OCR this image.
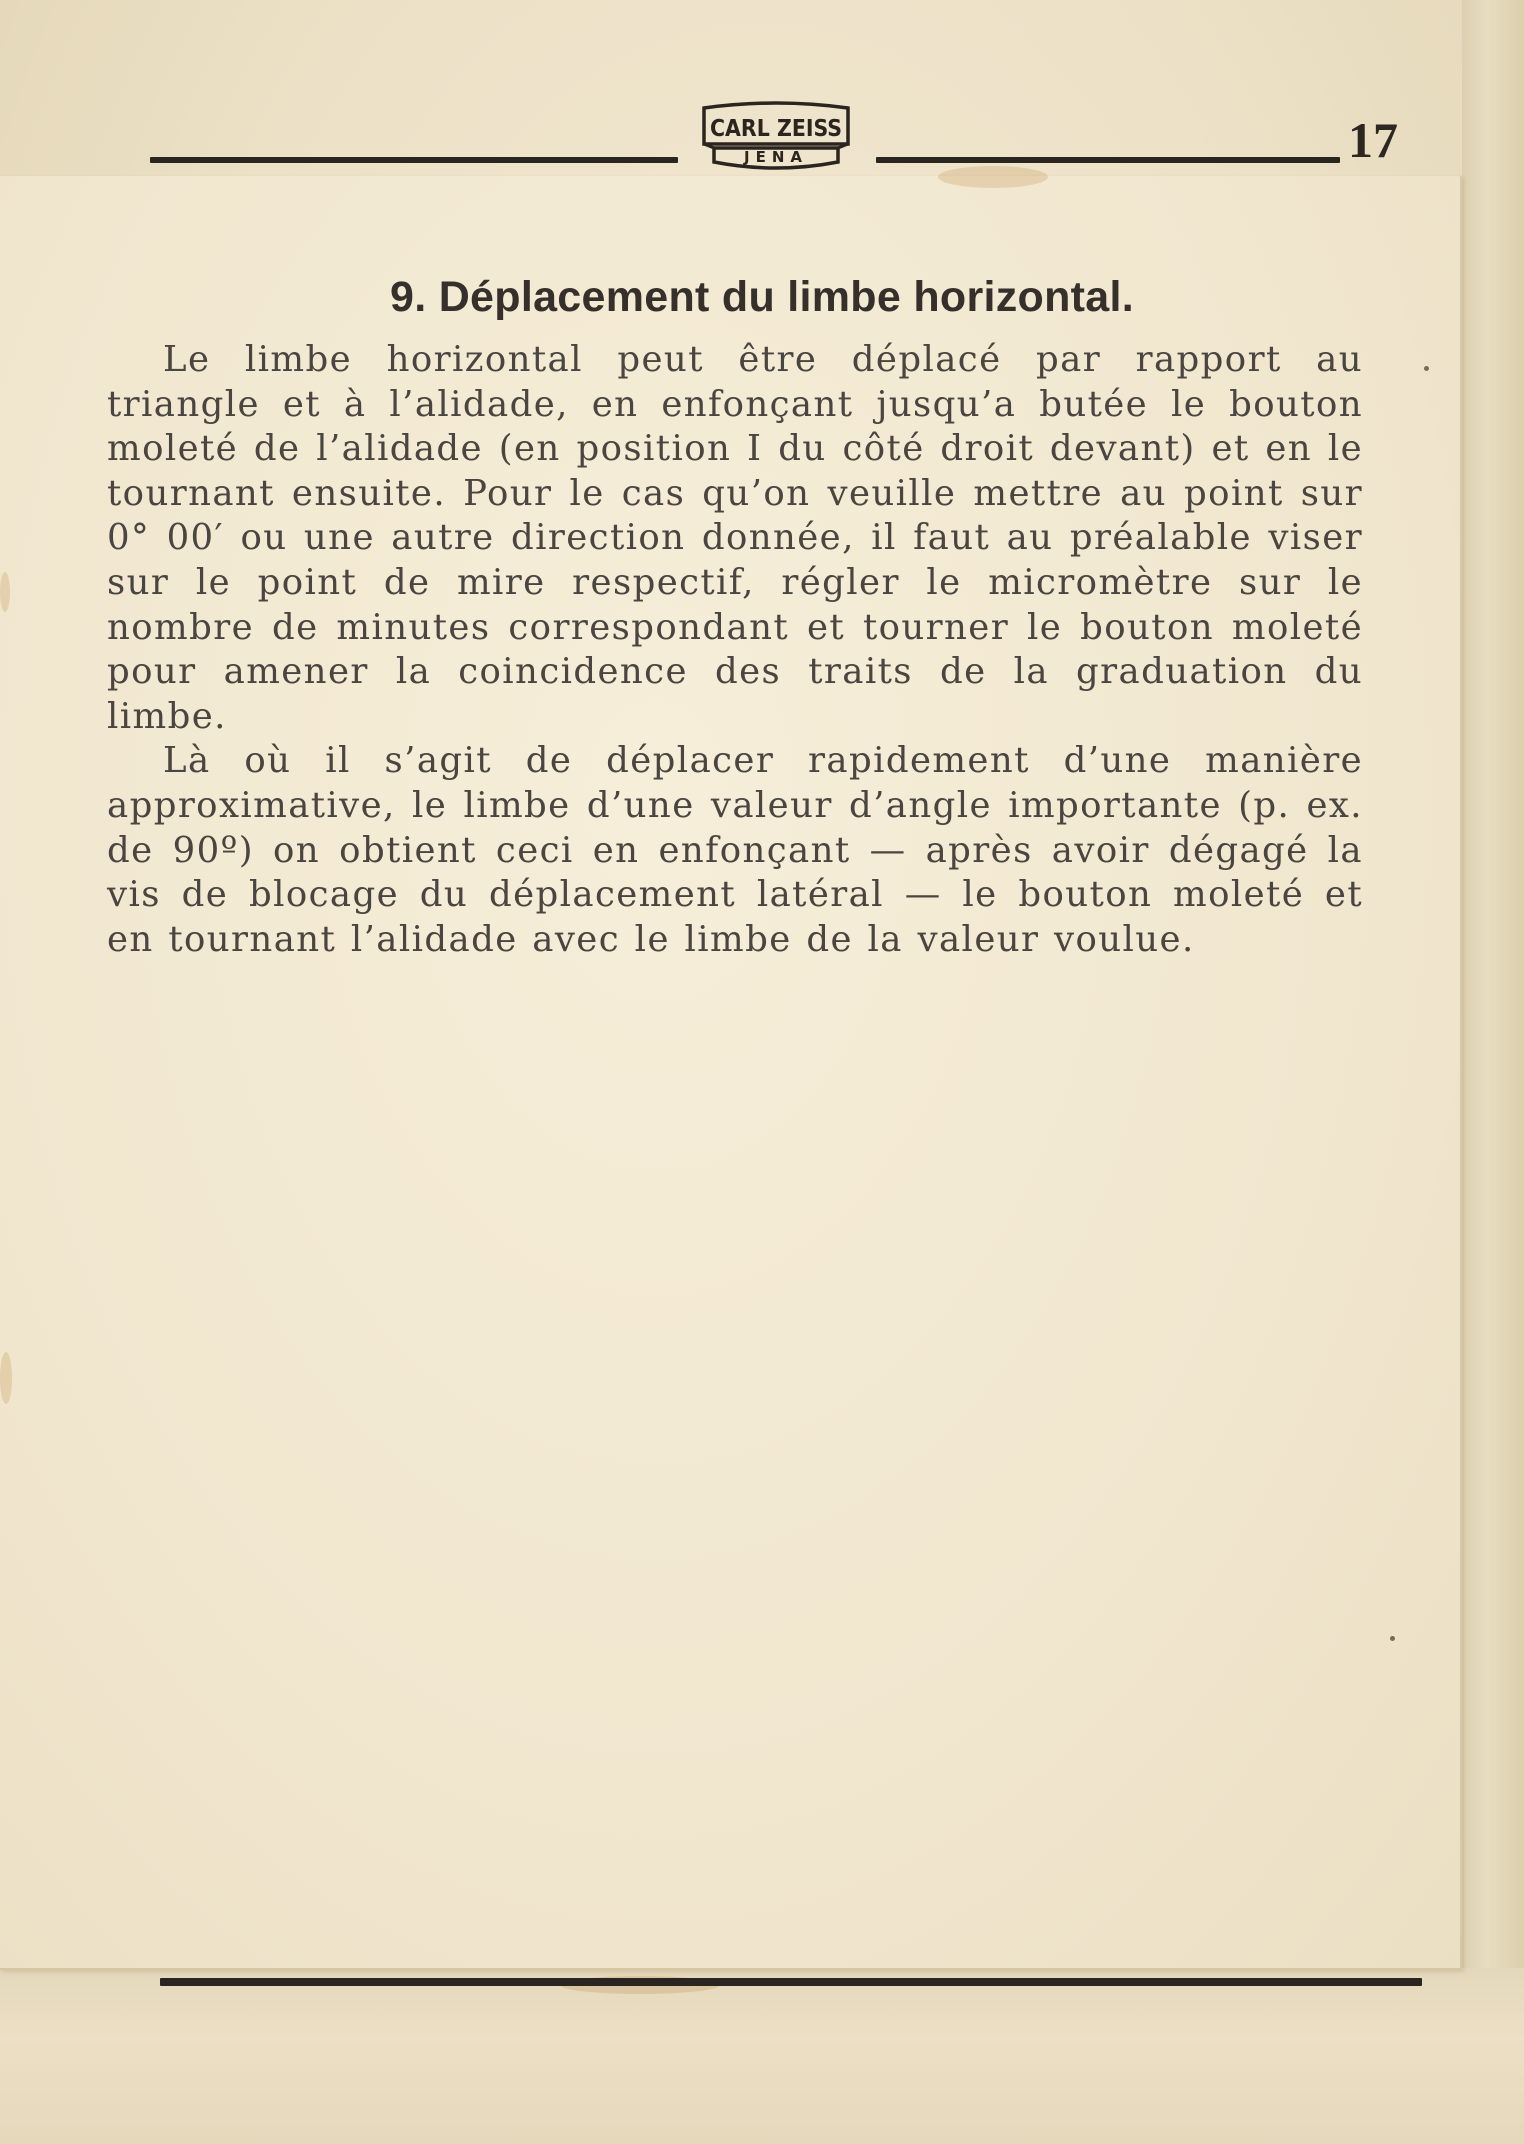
CARL ZEISS
JENA	17
9. Déplacement du limbe horizontal.

Le limbe horizontal peut être déplacé par rapport au triangle et à l’alidade, en enfonçant jusqu’a butée le bouton moleté de l’alidade (en position I du côté droit devant) et en le tournant ensuite. Pour le cas qu’on veuille mettre au point sur 0° 00′ ou une autre direction donnée, il faut au préalable viser sur le point de mire respectif, régler le micromètre sur le nombre de minutes correspondant et tourner le bouton moleté pour amener la coincidence des traits de la graduation du limbe.

Là où il s’agit de déplacer rapidement d’une manière approximative, le limbe d’une valeur d’angle importante (p. ex. de 90º) on obtient ceci en enfonçant — après avoir dégagé la vis de blocage du déplacement latéral — le bouton moleté et en tournant l’alidade avec le limbe de la valeur voulue.
